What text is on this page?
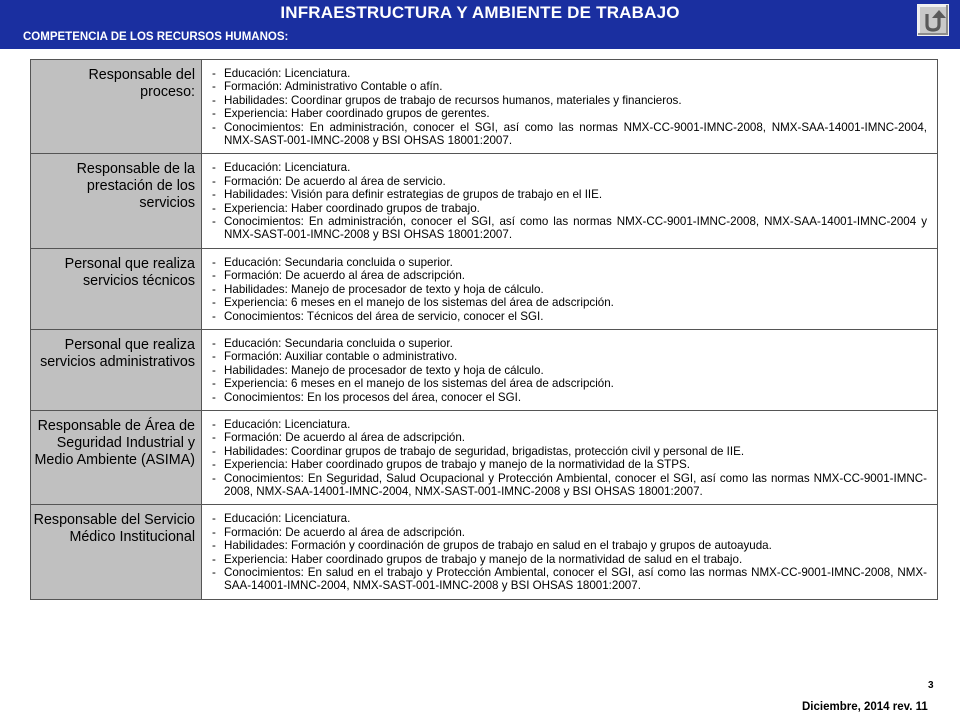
INFRAESTRUCTURA Y AMBIENTE DE TRABAJO
COMPETENCIA DE LOS RECURSOS HUMANOS:
Responsable del proceso:
- Educación: Licenciatura.
- Formación: Administrativo Contable o afín.
- Habilidades: Coordinar grupos de trabajo de recursos humanos, materiales y financieros.
- Experiencia: Haber coordinado grupos de gerentes.
- Conocimientos: En administración, conocer el SGI, así como las normas NMX-CC-9001-IMNC-2008, NMX-SAA-14001-IMNC-2004, NMX-SAST-001-IMNC-2008 y BSI OHSAS 18001:2007.
Responsable de la prestación de los servicios
- Educación: Licenciatura.
- Formación: De acuerdo al área de servicio.
- Habilidades: Visión para definir estrategias de grupos de trabajo en el IIE.
- Experiencia: Haber coordinado grupos de trabajo.
- Conocimientos: En administración, conocer el SGI, así como las normas NMX-CC-9001-IMNC-2008, NMX-SAA-14001-IMNC-2004 y NMX-SAST-001-IMNC-2008 y BSI OHSAS 18001:2007.
Personal que realiza servicios técnicos
- Educación: Secundaria concluida o superior.
- Formación: De acuerdo al área de adscripción.
- Habilidades: Manejo de procesador de texto y hoja de cálculo.
- Experiencia: 6 meses en el manejo de los sistemas del área de adscripción.
- Conocimientos: Técnicos del área de servicio, conocer el SGI.
Personal que realiza servicios administrativos
- Educación: Secundaria concluida o superior.
- Formación: Auxiliar contable o administrativo.
- Habilidades: Manejo de procesador de texto y hoja de cálculo.
- Experiencia: 6 meses en el manejo de los sistemas del área de adscripción.
- Conocimientos: En los procesos del área, conocer el SGI.
Responsable de Área de Seguridad Industrial y Medio Ambiente (ASIMA)
- Educación: Licenciatura.
- Formación: De acuerdo al área de adscripción.
- Habilidades: Coordinar grupos de trabajo de seguridad, brigadistas, protección civil y personal de IIE.
- Experiencia: Haber coordinado grupos de trabajo y manejo de la normatividad de la STPS.
- Conocimientos: En Seguridad, Salud Ocupacional y Protección Ambiental, conocer el SGI, así como las normas NMX-CC-9001-IMNC-2008, NMX-SAA-14001-IMNC-2004, NMX-SAST-001-IMNC-2008 y BSI OHSAS 18001:2007.
Responsable del Servicio Médico Institucional
- Educación: Licenciatura.
- Formación: De acuerdo al área de adscripción.
- Habilidades: Formación y coordinación de grupos de trabajo en salud en el trabajo y grupos de autoayuda.
- Experiencia: Haber coordinado grupos de trabajo y manejo de la normatividad de salud en el trabajo.
- Conocimientos: En salud en el trabajo y Protección Ambiental, conocer el SGI, así como las normas NMX-CC-9001-IMNC-2008, NMX-SAA-14001-IMNC-2004, NMX-SAST-001-IMNC-2008 y BSI OHSAS 18001:2007.
3
Diciembre, 2014 rev. 11
